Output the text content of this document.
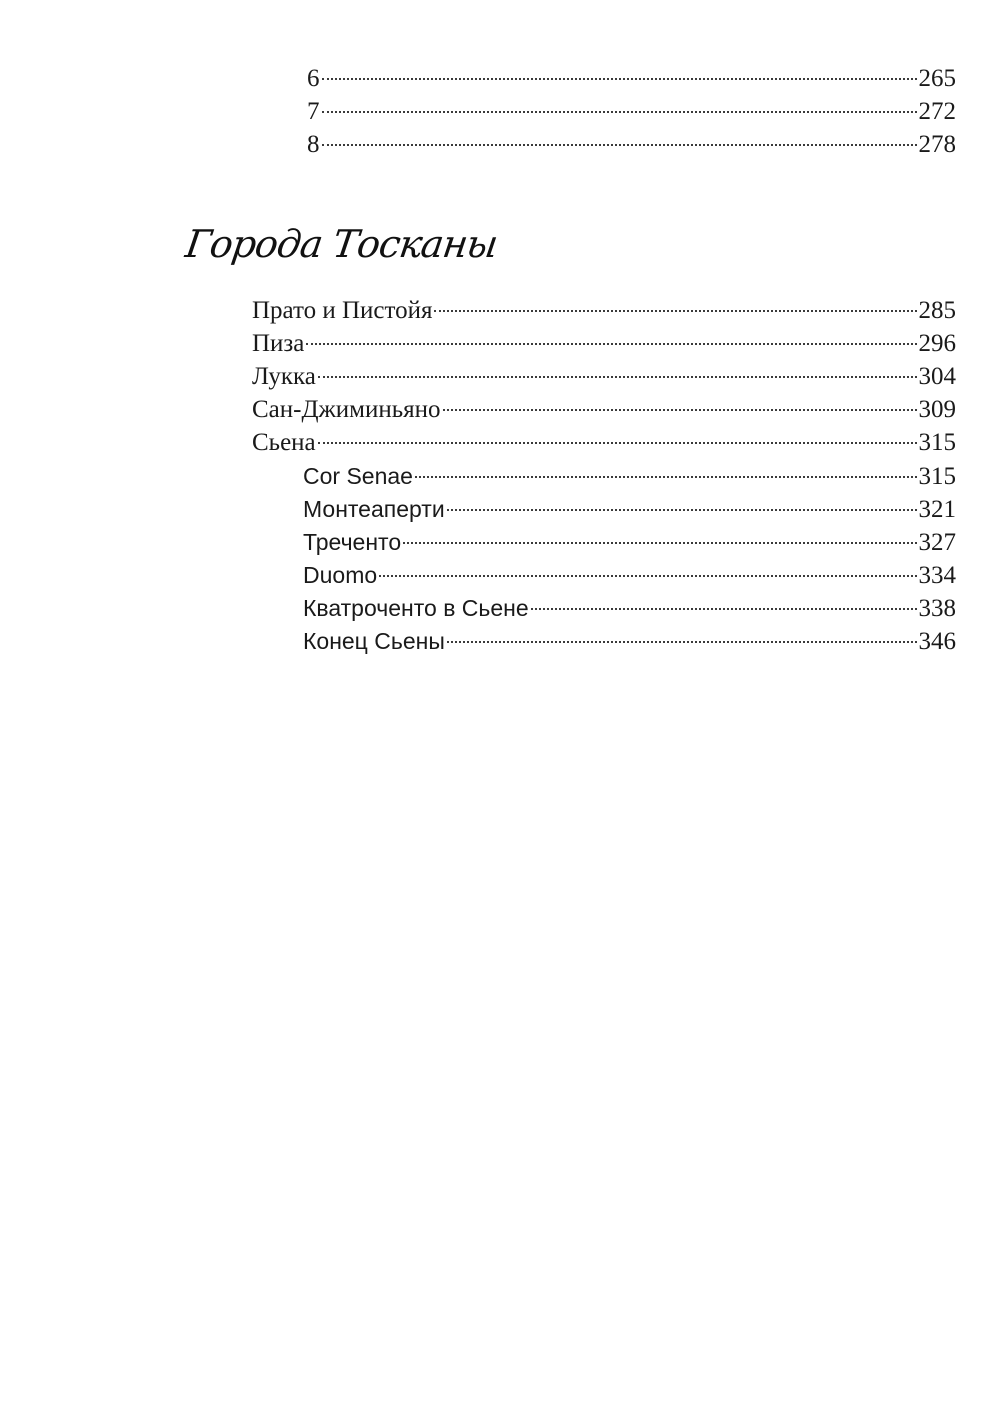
6	265
7	272
8	278
Города Тосканы
Прато и Пистойя	285
Пиза	296
Лукка	304
Сан-Джиминьяно	309
Сьена	315
Cor Senae	315
Монтеаперти	321
Треченто	327
Duomo	334
Кватроченто в Сьене	338
Конец Сьены	346
